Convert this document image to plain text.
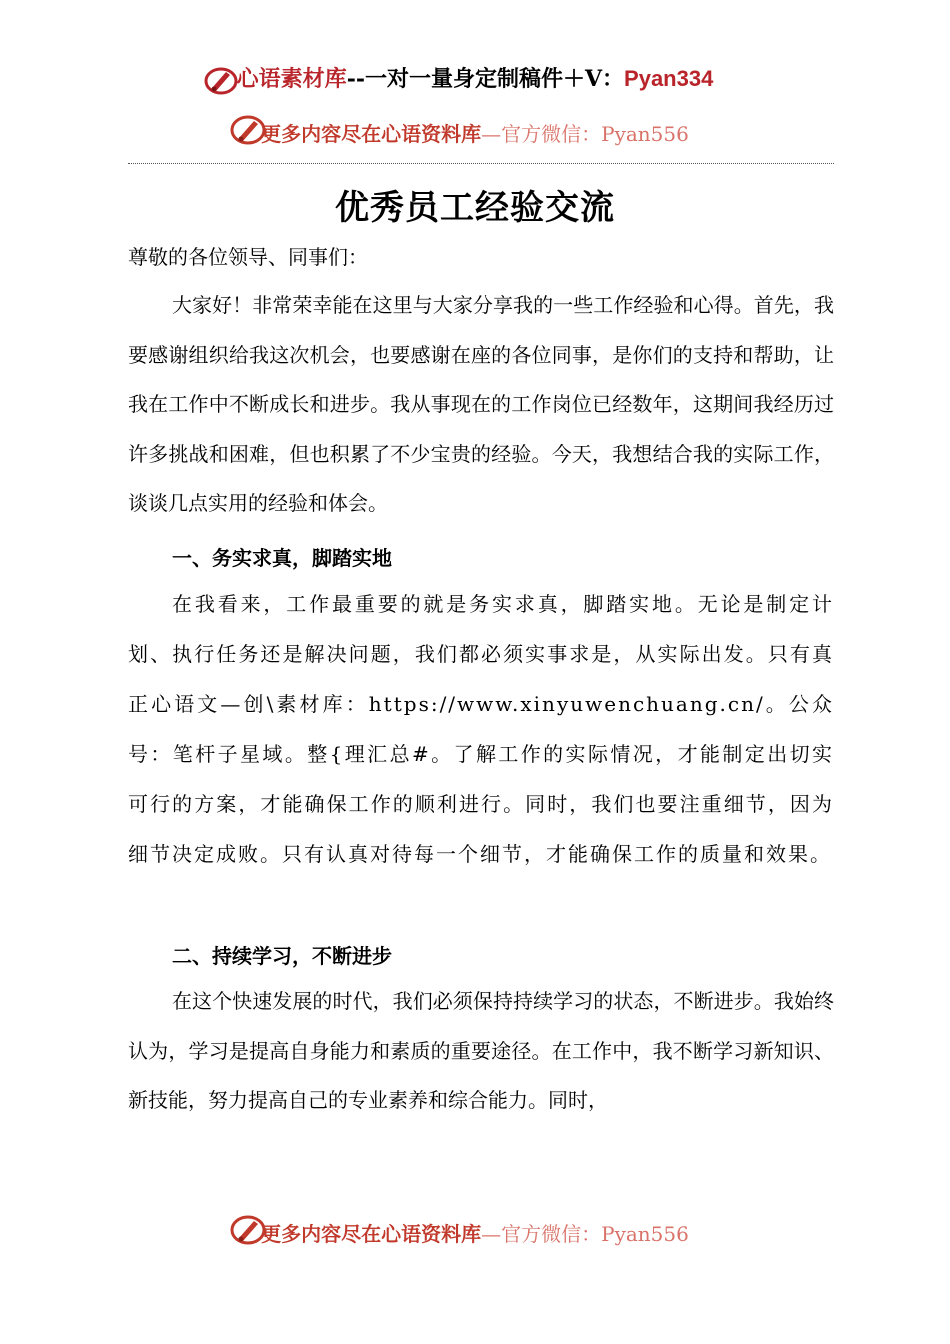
心语素材库--一对一量身定制稿件＋V：Pyan334
更多内容尽在心语资料库—官方微信：Pyan556
优秀员工经验交流

尊敬的各位领导、同事们：

大家好！非常荣幸能在这里与大家分享我的一些工作经验和心得。首先，我要感谢组织给我这次机会，也要感谢在座的各位同事，是你们的支持和帮助，让我在工作中不断成长和进步。我从事现在的工作岗位已经数年，这期间我经历过许多挑战和困难，但也积累了不少宝贵的经验。今天，我想结合我的实际工作，谈谈几点实用的经验和体会。

一、务实求真，脚踏实地

在我看来，工作最重要的就是务实求真，脚踏实地。无论是制定计划、执行任务还是解决问题，我们都必须实事求是，从实际出发。只有真正心语文—创\素材库：https://www.xinyuwenchuang.cn/。公众号：笔杆子星域。整{理汇总#。了解工作的实际情况，才能制定出切实可行的方案，才能确保工作的顺利进行。同时，我们也要注重细节，因为细节决定成败。只有认真对待每一个细节，才能确保工作的质量和效果。

二、持续学习，不断进步

在这个快速发展的时代，我们必须保持持续学习的状态，不断进步。我始终认为，学习是提高自身能力和素质的重要途径。在工作中，我不断学习新知识、新技能，努力提高自己的专业素养和综合能力。同时，

更多内容尽在心语资料库—官方微信：Pyan556
